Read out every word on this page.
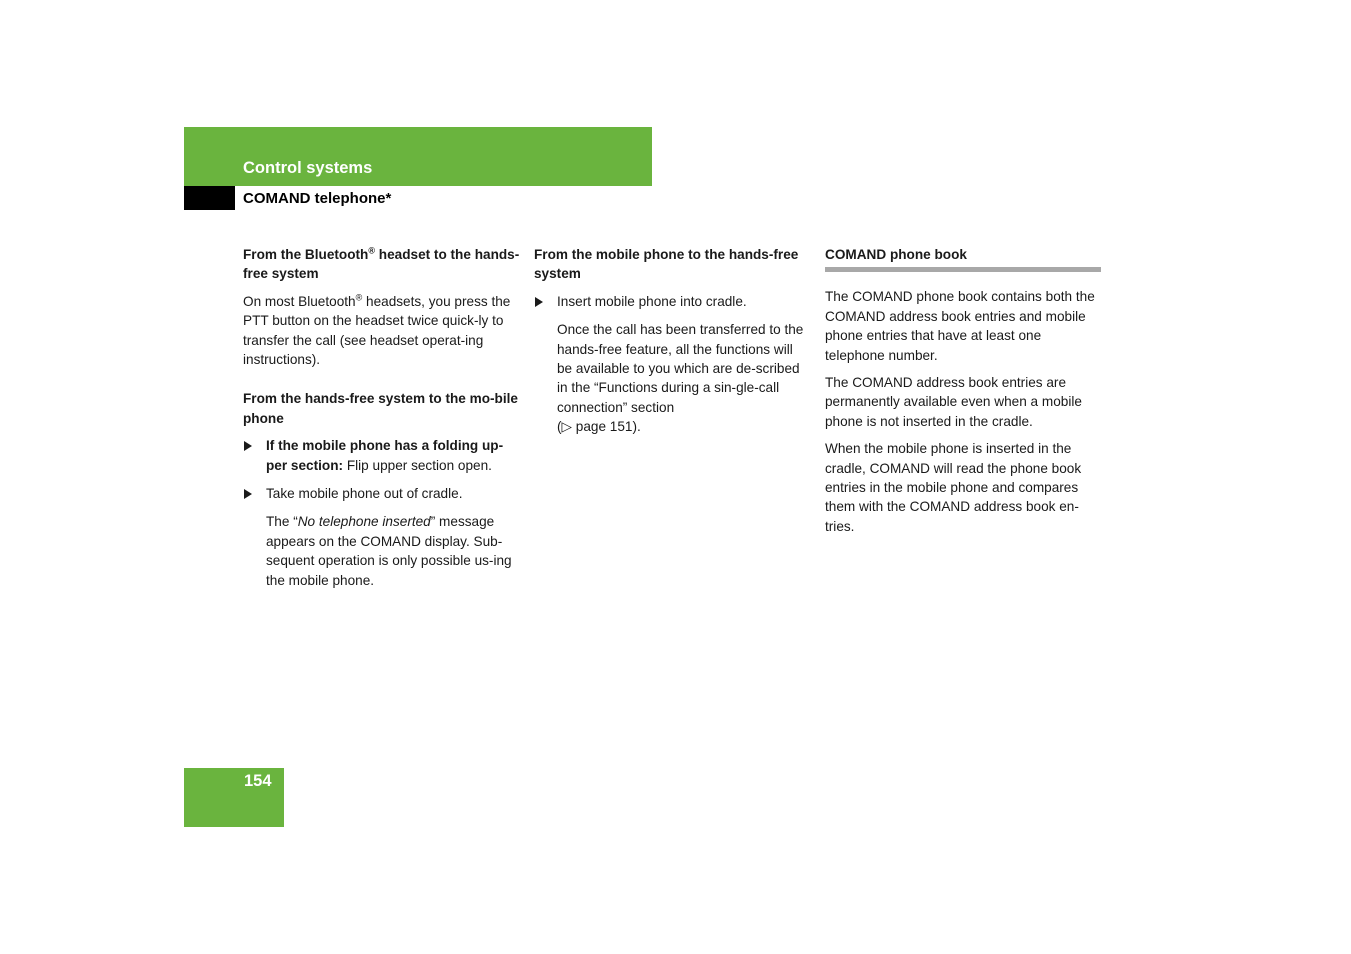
Control systems
COMAND telephone*
From the Bluetooth® headset to the hands-free system

On most Bluetooth® headsets, you press the PTT button on the headset twice quick-ly to transfer the call (see headset operat-ing instructions).

From the hands-free system to the mo-bile phone
If the mobile phone has a folding up-per section: Flip upper section open.
Take mobile phone out of cradle.

The “No telephone inserted” message appears on the COMAND display. Sub-sequent operation is only possible us-ing the mobile phone.

From the mobile phone to the hands-free system
Insert mobile phone into cradle.

Once the call has been transferred to the hands-free feature, all the functions will be available to you which are de-scribed in the “Functions during a sin-gle-call connection” section
(▷ page 151).

COMAND phone book

The COMAND phone book contains both the COMAND address book entries and mobile phone entries that have at least one telephone number.

The COMAND address book entries are permanently available even when a mobile phone is not inserted in the cradle.

When the mobile phone is inserted in the cradle, COMAND will read the phone book entries in the mobile phone and compares them with the COMAND address book en-tries.

154
